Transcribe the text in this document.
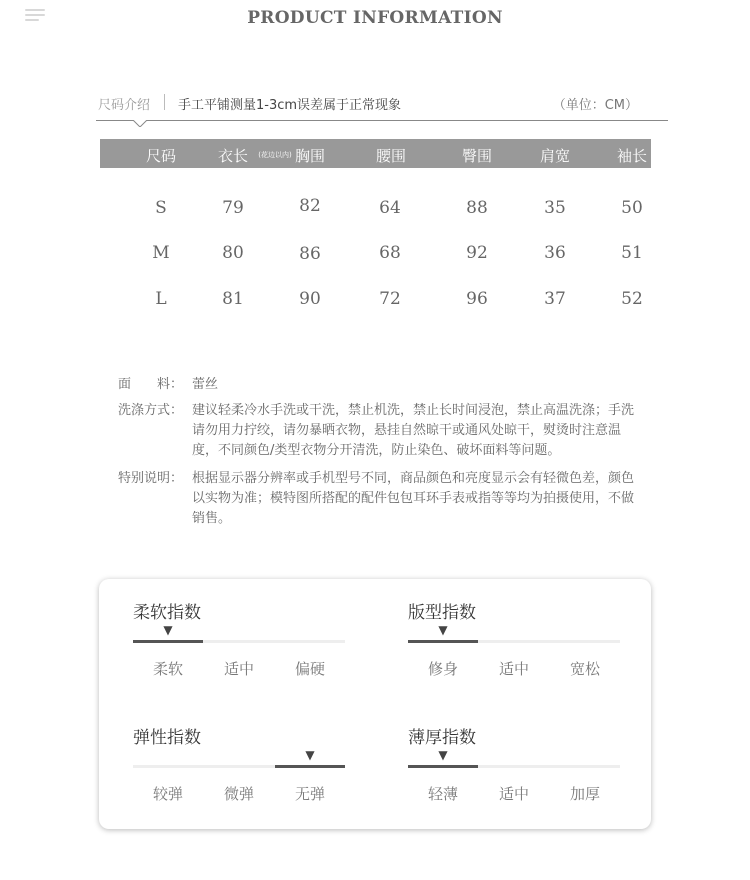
PRODUCT INFORMATION
尺码介绍 手工平铺测量1-3cm误差属于正常现象	（单位：CM）
尺码	衣长 (花边以内) 胸围	腰围	臀围	肩宽	袖长
S	79	82	64	88	35	50
M	80	86	68	92	36	51
L	81	90	72	96	37	52
面　　料： 蕾丝
洗涤方式： 建议轻柔冷水手洗或干洗，禁止机洗，禁止长时间浸泡，禁止高温洗涤；手洗请勿用力拧绞，请勿暴晒衣物，悬挂自然晾干或通风处晾干，熨烫时注意温度，不同颜色/类型衣物分开清洗，防止染色、破坏面料等问题。
特别说明： 根据显示器分辨率或手机型号不同，商品颜色和亮度显示会有轻微色差，颜色以实物为准；模特图所搭配的配件包包耳环手表戒指等等均为拍摄使用，不做销售。
柔软指数
▼
柔软	适中	偏硬
版型指数
▼
修身	适中	宽松
弹性指数
▼
较弹	微弹	无弹
薄厚指数
▼
轻薄	适中	加厚
